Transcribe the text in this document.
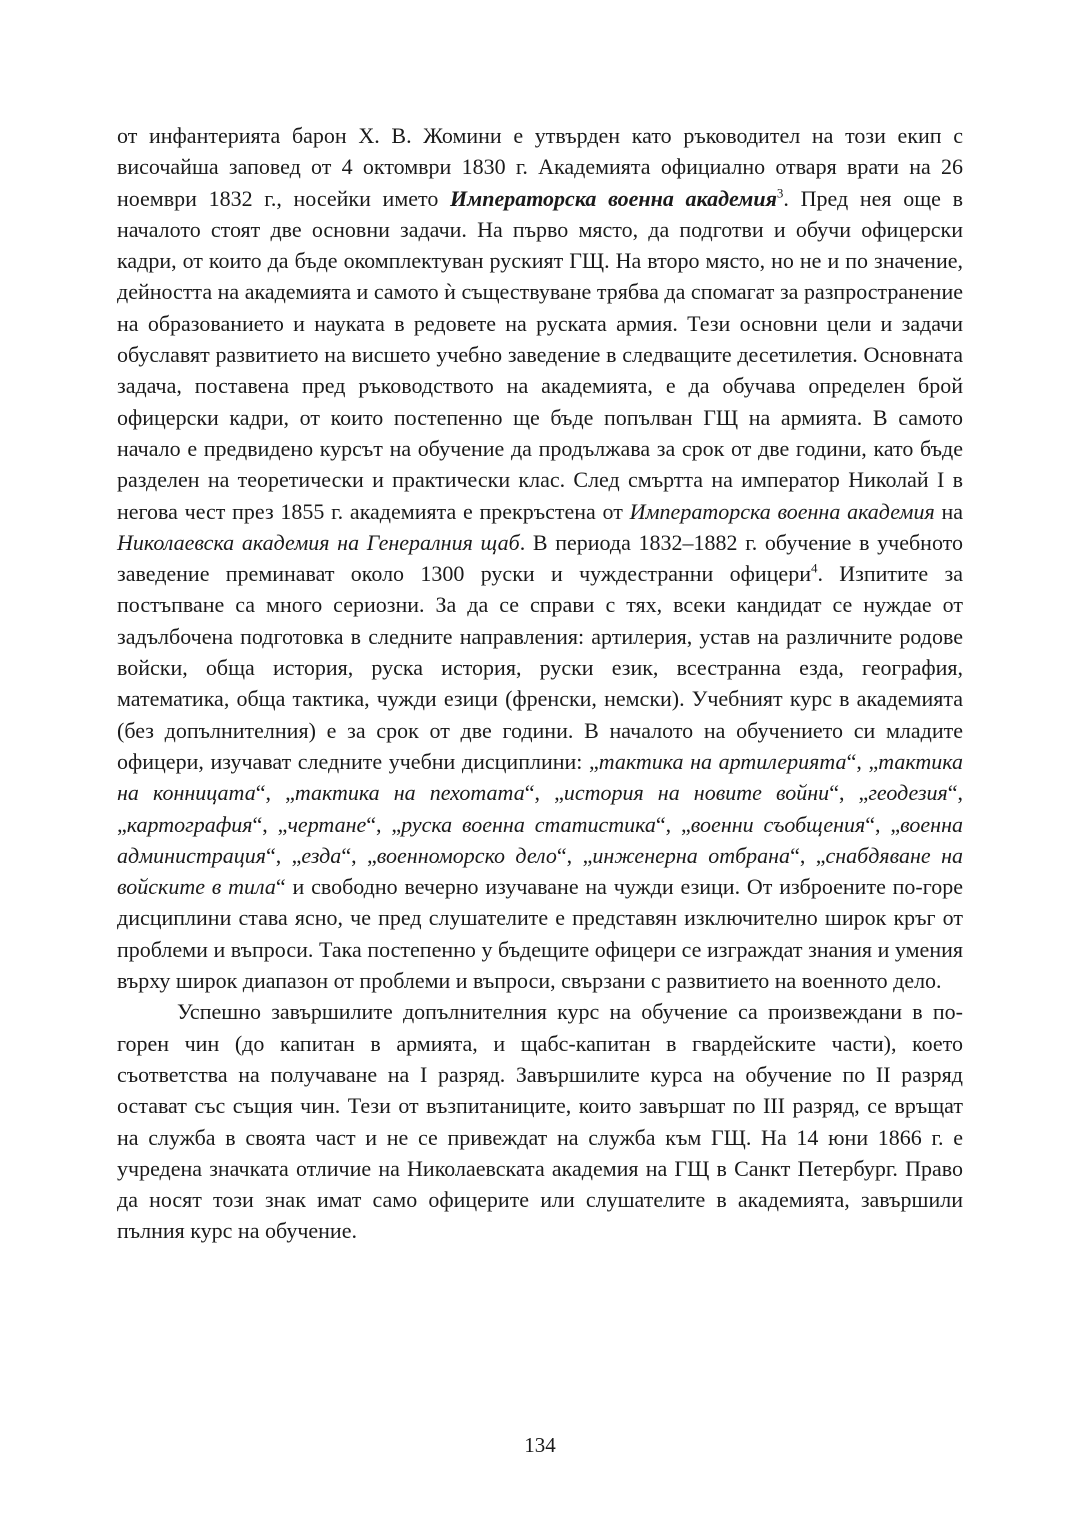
от инфантерията барон Х. В. Жомини е утвърден като ръководител на този екип с височайша заповед от 4 октомври 1830 г. Академията официално отваря врати на 26 ноември 1832 г., носейки името Императорска военна академия$^3$. Пред нея още в началото стоят две основни задачи. На първо място, да подготви и обучи офицерски кадри, от които да бъде окомплектуван руският ГЩ. На второ място, но не и по значение, дейността на академията и самото ѝ съществуване трябва да спомагат за разпространение на образованието и науката в редовете на руската армия. Тези основни цели и задачи обуславят развитието на висшето учебно заведение в следващите десетилетия. Основната задача, поставена пред ръководството на академията, е да обучава определен брой офицерски кадри, от които постепенно ще бъде попълван ГЩ на армията. В самото начало е предвидено курсът на обучение да продължава за срок от две години, като бъде разделен на теоретически и практически клас. След смъртта на император Николай I в негова чест през 1855 г. академията е прекръстена от Императорска военна академия на Николаевска академия на Генералния щаб. В периода 1832–1882 г. обучение в учебното заведение преминават около 1300 руски и чуждестранни офицери$^4$. Изпитите за постъпване са много сериозни. За да се справи с тях, всеки кандидат се нуждае от задълбочена подготовка в следните направления: артилерия, устав на различните родове войски, обща история, руска история, руски език, всестранна езда, география, математика, обща тактика, чужди езици (френски, немски). Учебният курс в академията (без допълнителния) е за срок от две години. В началото на обучението си младите офицери, изучават следните учебни дисциплини: „тактика на артилерията“, „тактика на конницата“, „тактика на пехотата“, „история на новите войни“, „геодезия“, „картография“, „чертане“, „руска военна статистика“, „военни съобщения“, „военна администрация“, „езда“, „военноморско дело“, „инженерна отбрана“, „снабдяване на войските в тила“ и свободно вечерно изучаване на чужди езици. От изброените по-горе дисциплини става ясно, че пред слушателите е представян изключително широк кръг от проблеми и въпроси. Така постепенно у бъдещите офицери се изграждат знания и умения върху широк диапазон от проблеми и въпроси, свързани с развитието на военното дело.

Успешно завършилите допълнителния курс на обучение са произвеждани в по-горен чин (до капитан в армията, и щабс-капитан в гвардейските части), което съответства на получаване на I разряд. Завършилите курса на обучение по II разряд остават със същия чин. Тези от възпитаниците, които завършат по III разряд, се връщат на служба в своята част и не се привеждат на служба към ГЩ. На 14 юни 1866 г. е учредена значката отличие на Николаевската академия на ГЩ в Санкт Петербург. Право да носят този знак имат само офицерите или слушателите в академията, завършили пълния курс на обучение.

134
